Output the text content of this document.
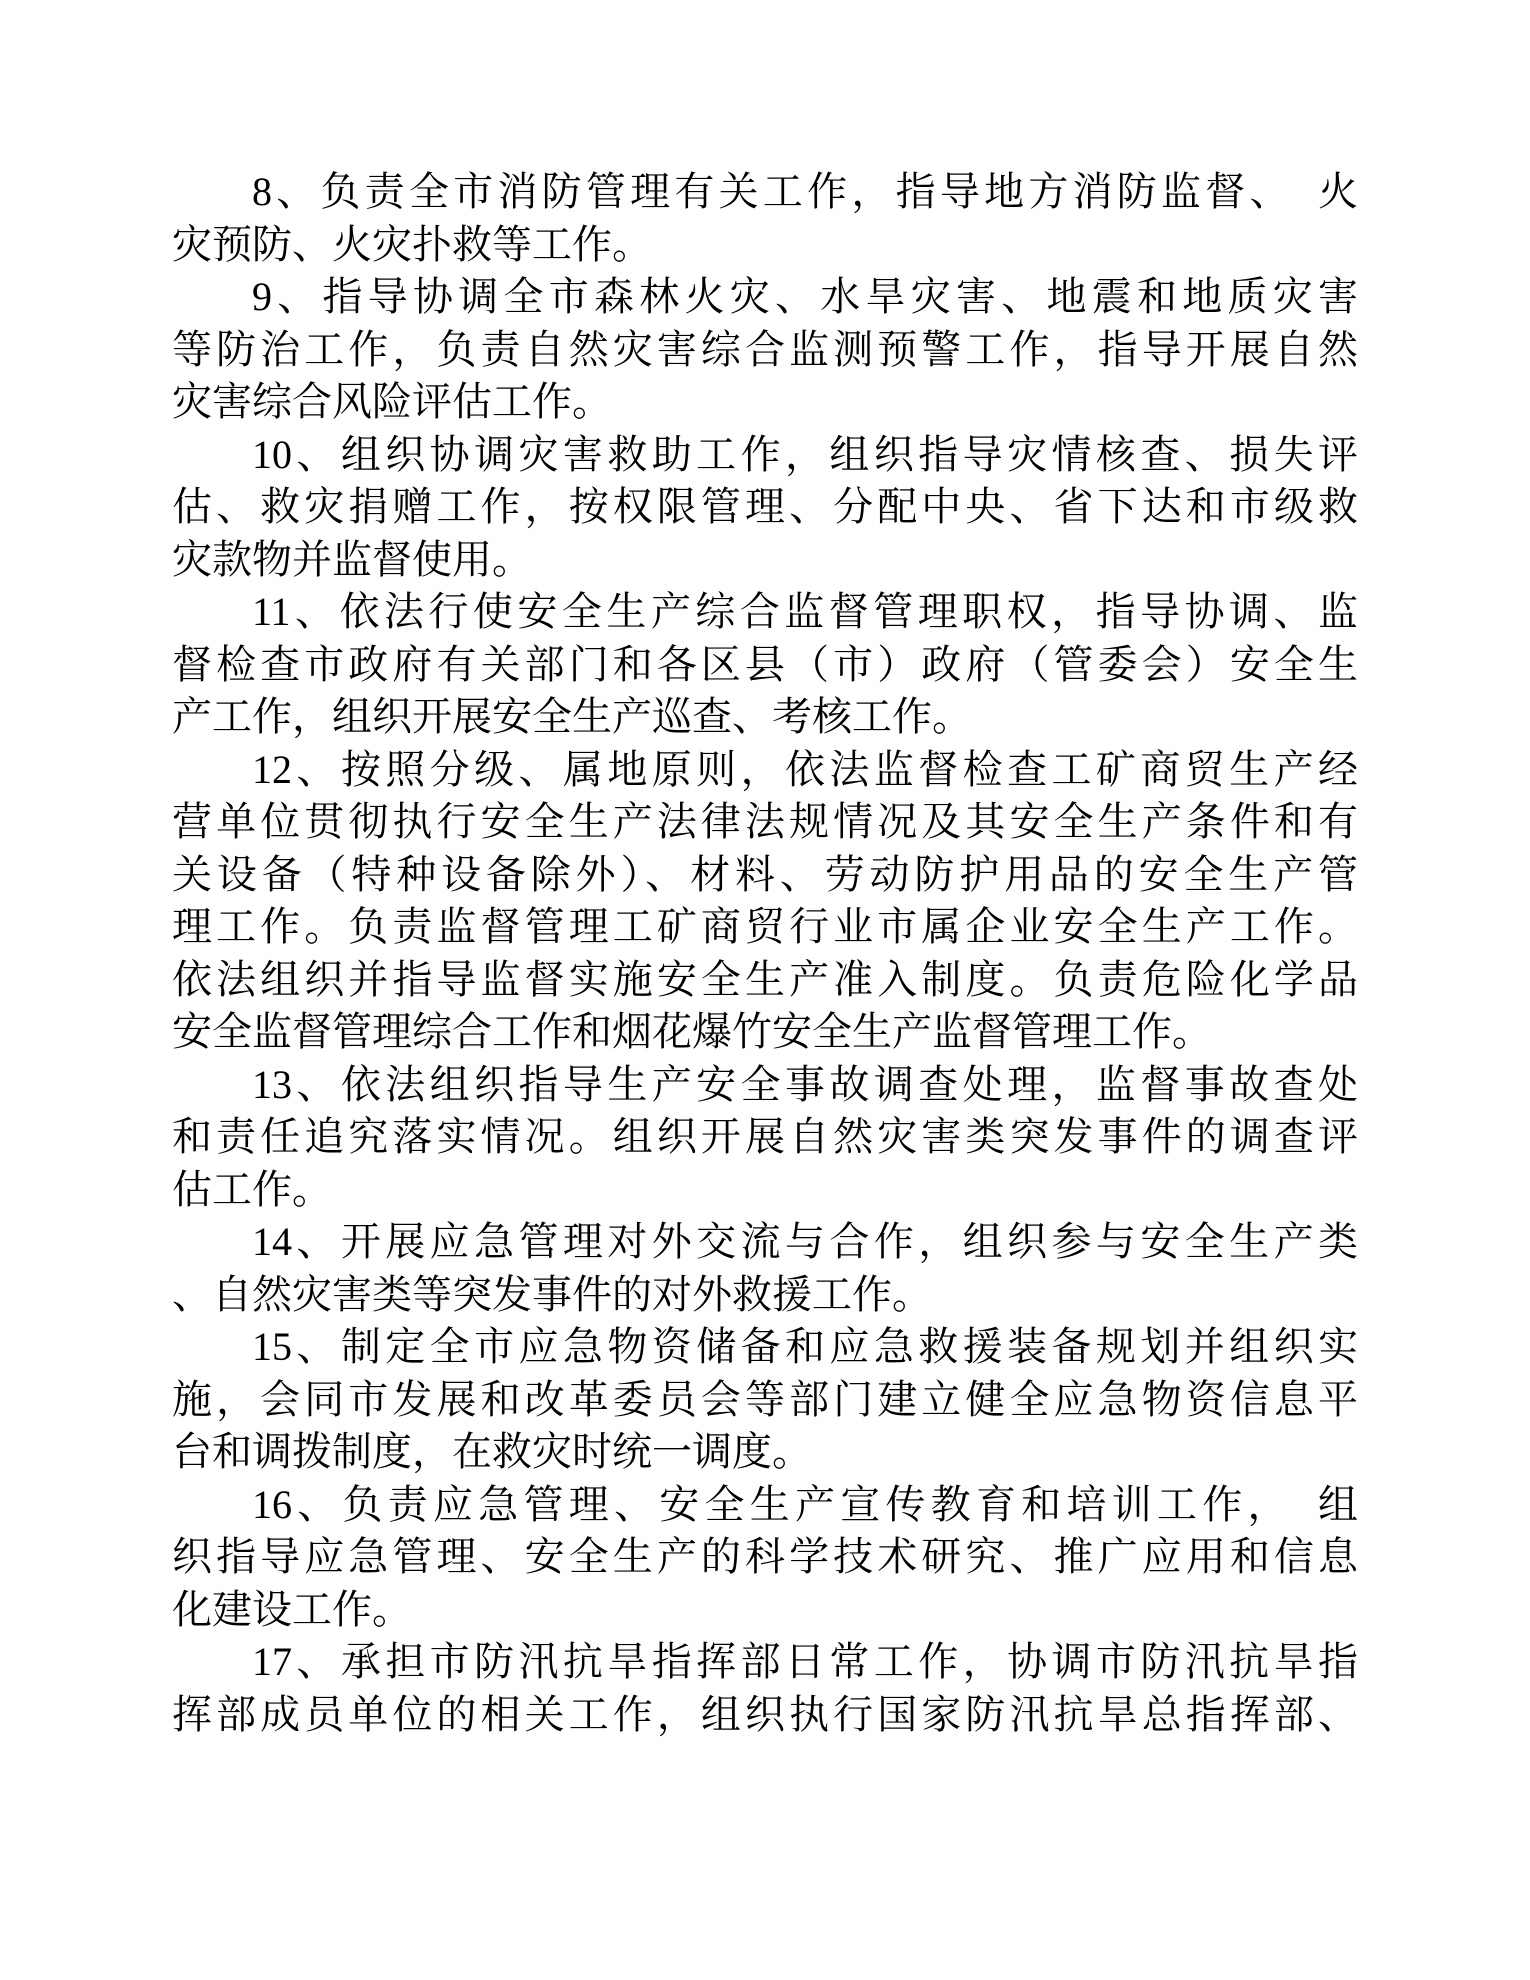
8、负责全市消防管理有关工作，指导地方消防监督、　火
灾预防、火灾扑救等工作。
9、指导协调全市森林火灾、水旱灾害、地震和地质灾害
等防治工作，负责自然灾害综合监测预警工作，指导开展自然
灾害综合风险评估工作。
10、组织协调灾害救助工作，组织指导灾情核查、损失评
估、救灾捐赠工作，按权限管理、分配中央、省下达和市级救
灾款物并监督使用。
11、依法行使安全生产综合监督管理职权，指导协调、监
督检查市政府有关部门和各区县（市）政府（管委会）安全生
产工作，组织开展安全生产巡查、考核工作。
12、按照分级、属地原则，依法监督检查工矿商贸生产经
营单位贯彻执行安全生产法律法规情况及其安全生产条件和有
关设备（特种设备除外）、材料、劳动防护用品的安全生产管
理工作。负责监督管理工矿商贸行业市属企业安全生产工作。
依法组织并指导监督实施安全生产准入制度。负责危险化学品
安全监督管理综合工作和烟花爆竹安全生产监督管理工作。
13、依法组织指导生产安全事故调查处理，监督事故查处
和责任追究落实情况。组织开展自然灾害类突发事件的调查评
估工作。
14、开展应急管理对外交流与合作，组织参与安全生产类
、自然灾害类等突发事件的对外救援工作。
15、制定全市应急物资储备和应急救援装备规划并组织实
施，会同市发展和改革委员会等部门建立健全应急物资信息平
台和调拨制度，在救灾时统一调度。
16、负责应急管理、安全生产宣传教育和培训工作，　组
织指导应急管理、安全生产的科学技术研究、推广应用和信息
化建设工作。
17、承担市防汛抗旱指挥部日常工作，协调市防汛抗旱指
挥部成员单位的相关工作，组织执行国家防汛抗旱总指挥部、
